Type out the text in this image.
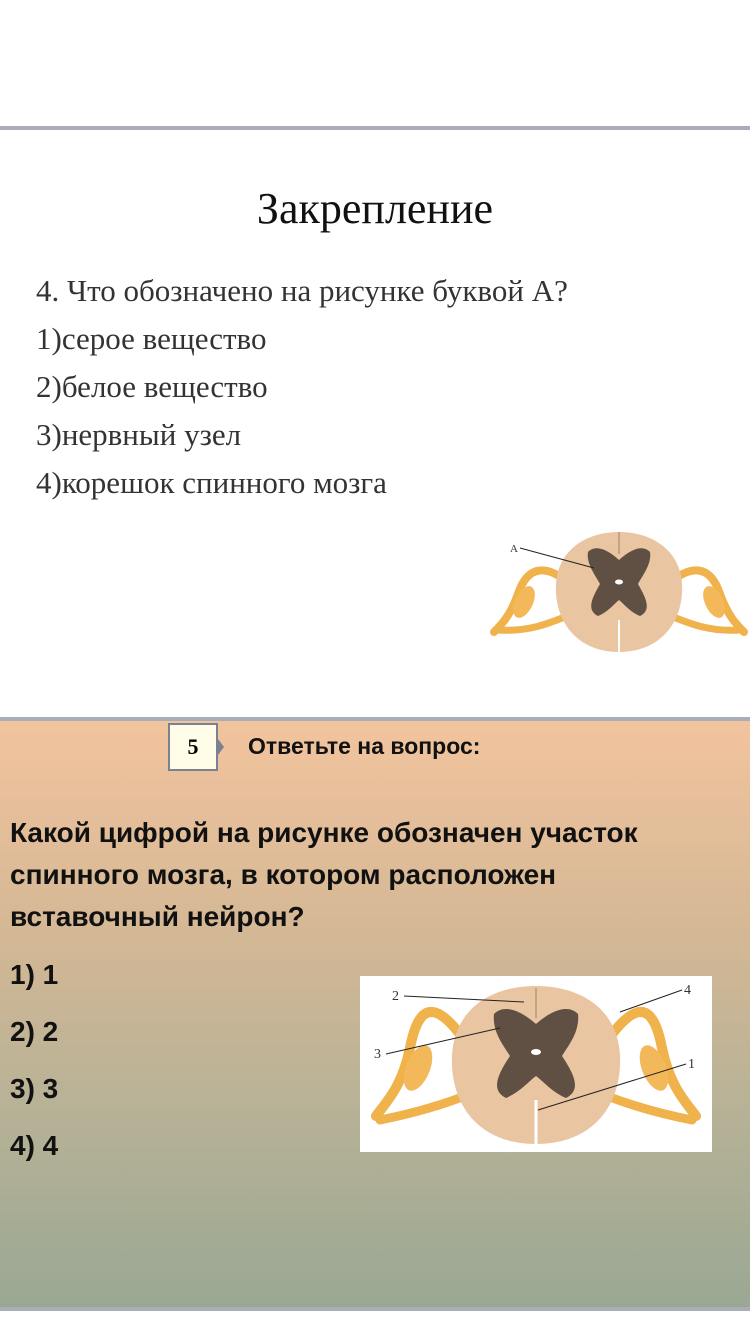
Закрепление
4. Что обозначено на рисунке буквой А?
1)серое вещество
2)белое вещество
3)нервный узел
4)корешок спинного мозга
А
5	Ответьте на вопрос:
Какой цифрой на рисунке обозначен участок
спинного мозга, в котором расположен
вставочный нейрон?
1) 1
2) 2
3) 3
4) 4
2
3
4
1
